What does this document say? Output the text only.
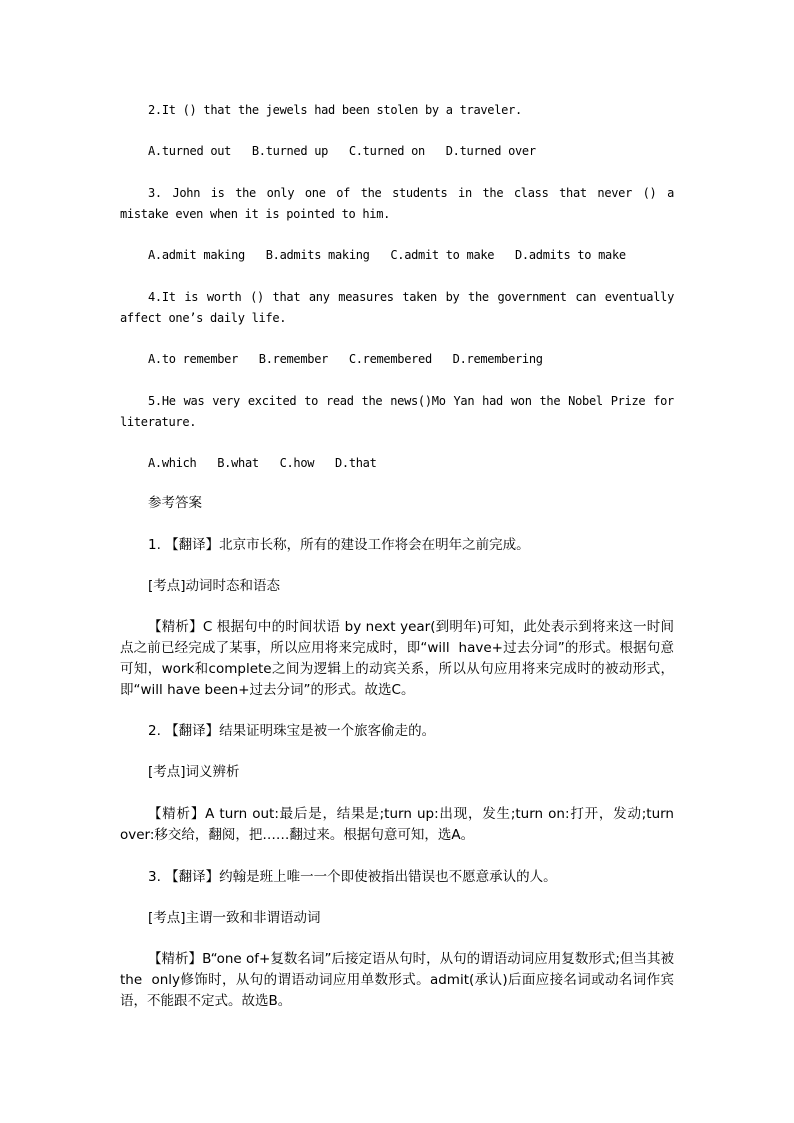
2.It () that the jewels had been stolen by a traveler.

A.turned out   B.turned up   C.turned on   D.turned over

3. John is the only one of the students in the class that never () a mistake even when it is pointed to him.

A.admit making   B.admits making   C.admit to make   D.admits to make

4.It is worth () that any measures taken by the government can eventually affect one’s daily life.

A.to remember   B.remember   C.remembered   D.remembering

5.He was very excited to read the news()Mo Yan had won the Nobel Prize for literature.

A.which   B.what   C.how   D.that

参考答案

1. 【翻译】北京市长称，所有的建设工作将会在明年之前完成。

[考点]动词时态和语态

【精析】C 根据句中的时间状语 by next year(到明年)可知，此处表示到将来这一时间点之前已经完成了某事，所以应用将来完成时，即“will  have+过去分词”的形式。根据句意可知，work和complete之间为逻辑上的动宾关系，所以从句应用将来完成时的被动形式，即“will have been+过去分词”的形式。故选C。

2. 【翻译】结果证明珠宝是被一个旅客偷走的。

[考点]词义辨析

【精析】A turn out:最后是，结果是;turn up:出现，发生;turn on:打开，发动;turn over:移交给，翻阅，把……翻过来。根据句意可知，选A。

3. 【翻译】约翰是班上唯一一个即使被指出错误也不愿意承认的人。

[考点]主谓一致和非谓语动词

【精析】B“one of+复数名词”后接定语从句时，从句的谓语动词应用复数形式;但当其被 the  only修饰时，从句的谓语动词应用单数形式。admit(承认)后面应接名词或动名词作宾语，不能跟不定式。故选B。
